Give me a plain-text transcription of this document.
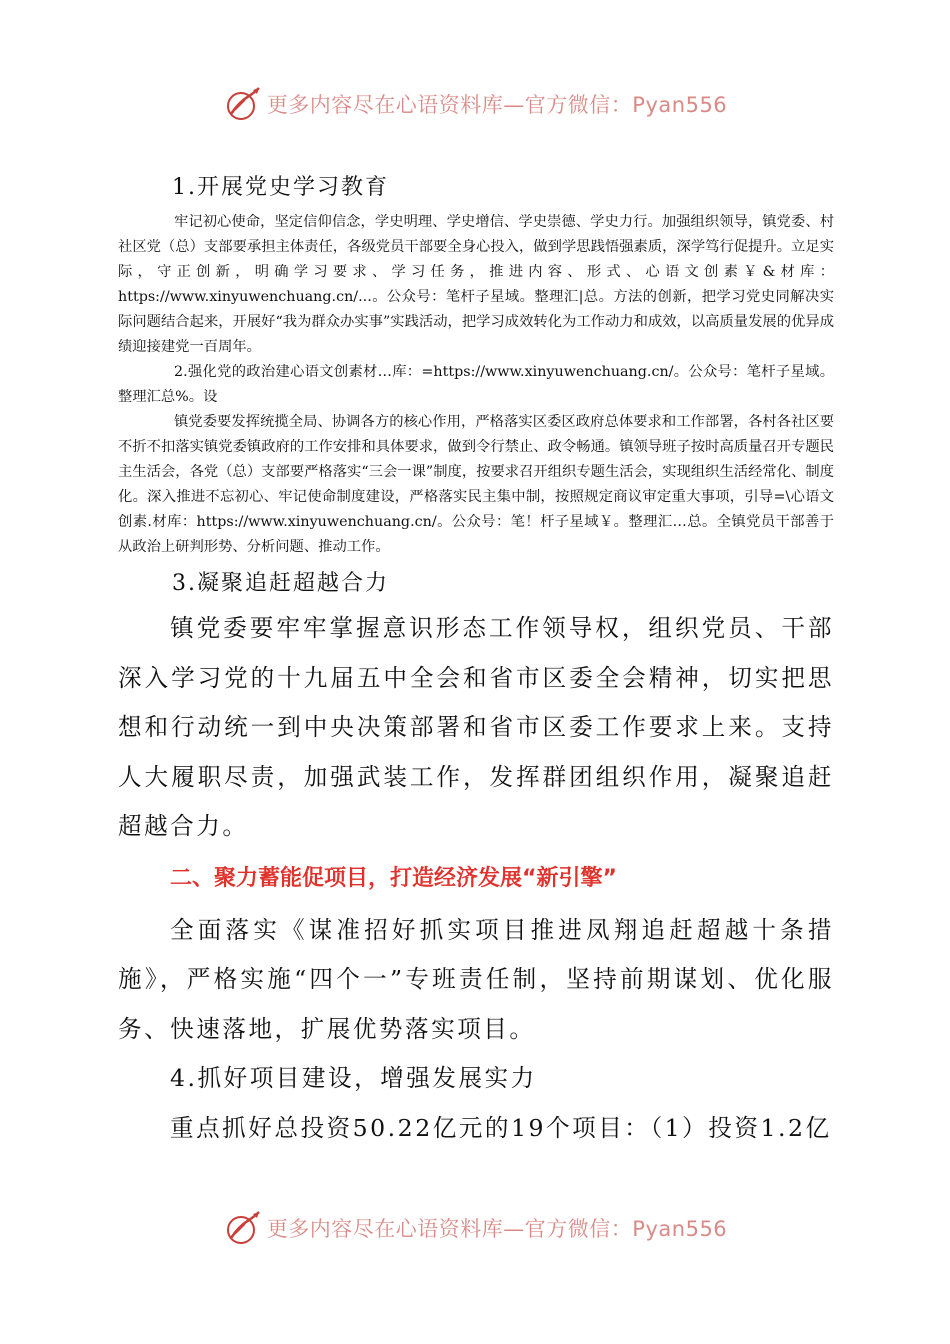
更多内容尽在心语资料库—官方微信：Pyan556

1.开展党史学习教育

牢记初心使命，坚定信仰信念，学史明理、学史增信、学史崇德、学史力行。加强组织领导，镇党委、村社区党（总）支部要承担主体责任，各级党员干部要全身心投入，做到学思践悟强素质，深学笃行促提升。立足实际，守正创新，明确学习要求、学习任务，推进内容、形式、心语文创素￥&材库：https://www.xinyuwenchuang.cn/...。公众号：笔杆子星域。整理汇|总。方法的创新，把学习党史同解决实际问题结合起来，开展好“我为群众办实事”实践活动，把学习成效转化为工作动力和成效，以高质量发展的优异成绩迎接建党一百周年。

2.强化党的政治建心语文创素材…库：=https://www.xinyuwenchuang.cn/。公众号：笔杆子星域。整理汇总%。设

镇党委要发挥统揽全局、协调各方的核心作用，严格落实区委区政府总体要求和工作部署，各村各社区要不折不扣落实镇党委镇政府的工作安排和具体要求，做到令行禁止、政令畅通。镇领导班子按时高质量召开专题民主生活会，各党（总）支部要严格落实“三会一课”制度，按要求召开组织专题生活会，实现组织生活经常化、制度化。深入推进不忘初心、牢记使命制度建设，严格落实民主集中制，按照规定商议审定重大事项，引导=\心语文创素.材库：https://www.xinyuwenchuang.cn/。公众号：笔！杆子星域￥。整理汇…总。全镇党员干部善于从政治上研判形势、分析问题、推动工作。

3.凝聚追赶超越合力

镇党委要牢牢掌握意识形态工作领导权，组织党员、干部深入学习党的十九届五中全会和省市区委全会精神，切实把思想和行动统一到中央决策部署和省市区委工作要求上来。支持人大履职尽责，加强武装工作，发挥群团组织作用，凝聚追赶超越合力。

二、聚力蓄能促项目，打造经济发展“新引擎”

全面落实《谋准招好抓实项目推进凤翔追赶超越十条措施》，严格实施“四个一”专班责任制，坚持前期谋划、优化服务、快速落地，扩展优势落实项目。

4.抓好项目建设，增强发展实力

重点抓好总投资50.22亿元的19个项目：（1）投资1.2亿

更多内容尽在心语资料库—官方微信：Pyan556
